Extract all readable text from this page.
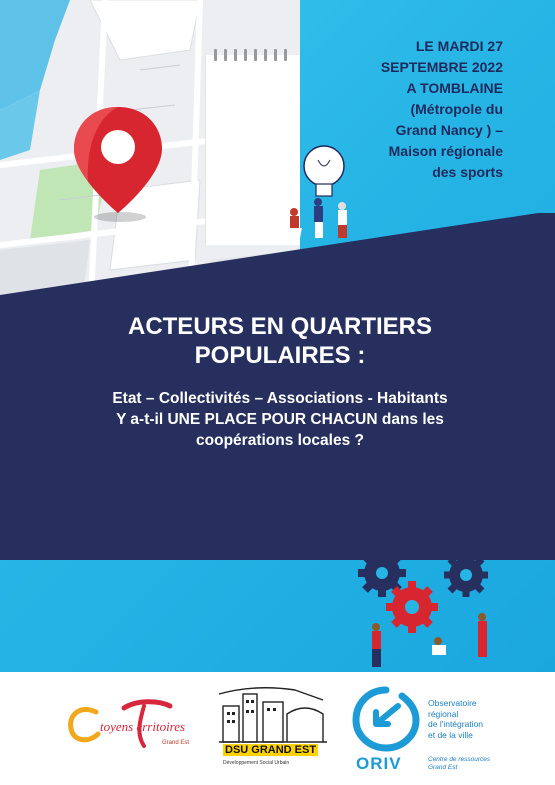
LE MARDI 27
SEPTEMBRE 2022
A TOMBLAINE
(Métropole du
Grand Nancy ) –
Maison régionale
des sports
ACTEURS EN QUARTIERS
POPULAIRES :
Etat – Collectivités – Associations - Habitants
Y a-t-il UNE PLACE POUR CHACUN dans les
coopérations locales ?
toyens erritoires
Grand Est
DSU GRAND EST
Développement Social Urbain	ORIV
Observatoire
régional
de l'intégration
et de la ville
Centre de ressources
Grand Est
